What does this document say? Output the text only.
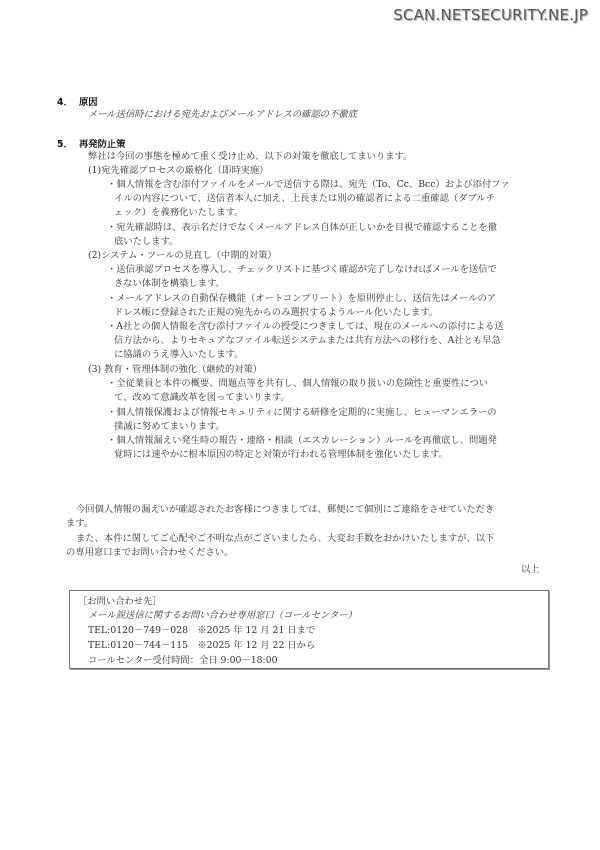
SCAN.NETSECURITY.NE.JP
4． 原因
メール送信時における宛先およびメールアドレスの確認の不徹底
5． 再発防止策
弊社は今回の事態を極めて重く受け止め、以下の対策を徹底してまいります。
(1)宛先確認プロセスの厳格化（即時実施）
・個人情報を含む添付ファイルをメールで送信する際は、宛先（To、Cc、Bcc）および添付ファ
イルの内容について、送信者本人に加え、上長または別の確認者による二重確認（ダブルチ
ェック）を義務化いたします。
・宛先確認時は、表示名だけでなくメールアドレス自体が正しいかを目視で確認することを徹
底いたします。
(2)システム・ツールの見直し（中期的対策）
・送信承認プロセスを導入し、チェックリストに基づく確認が完了しなければメールを送信で
きない体制を構築します。
・メールアドレスの自動保存機能（オートコンプリート）を原則停止し、送信先はメールのア
ドレス帳に登録された正規の宛先からのみ選択するようルール化いたします。
・A社との個人情報を含む添付ファイルの授受につきましては、現在のメールへの添付による送
信方法から、よりセキュアなファイル転送システムまたは共有方法への移行を、A社とも早急
に協議のうえ導入いたします。
(3) 教育・管理体制の強化（継続的対策）
・全従業員と本件の概要、問題点等を共有し、個人情報の取り扱いの危険性と重要性につい
て、改めて意識改革を図ってまいります。
・個人情報保護および情報セキュリティに関する研修を定期的に実施し、ヒューマンエラーの
撲滅に努めてまいります。
・個人情報漏えい発生時の報告・連絡・相談（エスカレーション）ルールを再徹底し、問題発
覚時には速やかに根本原因の特定と対策が行われる管理体制を強化いたします。
今回個人情報の漏えいが確認されたお客様につきましては、郵便にて個別にご連絡をさせていただき
ます。
また、本件に関してご心配やご不明な点がございましたら、大変お手数をおかけいたしますが、以下
の専用窓口までお問い合わせください。
以上
［お問い合わせ先］
メール誤送信に関するお問い合わせ専用窓口（コールセンター）
TEL:0120－749－028　※2025 年 12 月 21 日まで
TEL:0120－744－115　※2025 年 12 月 22 日から
コールセンター受付時間：全日 9:00－18:00
